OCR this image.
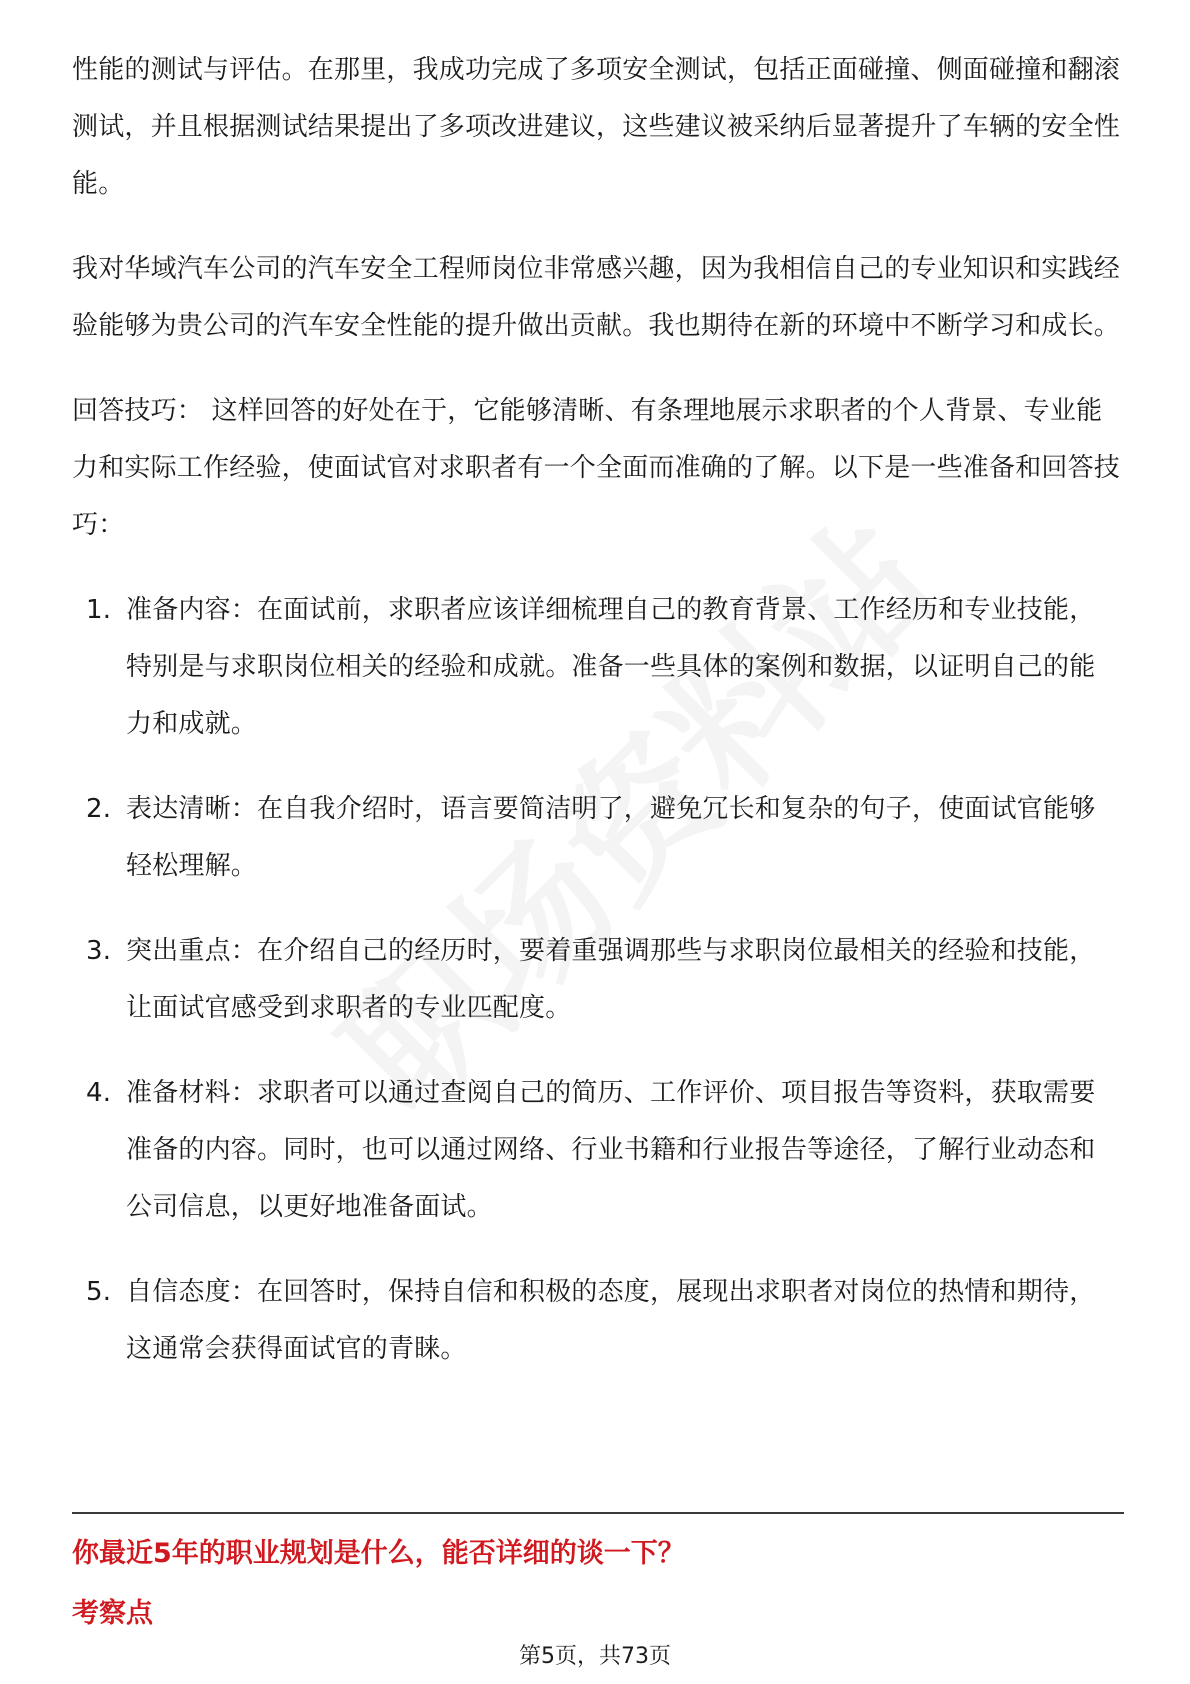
性能的测试与评估。在那里，我成功完成了多项安全测试，包括正面碰撞、侧面碰撞和翻滚测试，并且根据测试结果提出了多项改进建议，这些建议被采纳后显著提升了车辆的安全性能。

我对华域汽车公司的汽车安全工程师岗位非常感兴趣，因为我相信自己的专业知识和实践经验能够为贵公司的汽车安全性能的提升做出贡献。我也期待在新的环境中不断学习和成长。

回答技巧： 这样回答的好处在于，它能够清晰、有条理地展示求职者的个人背景、专业能力和实际工作经验，使面试官对求职者有一个全面而准确的了解。以下是一些准备和回答技巧：

1. 准备内容：在面试前，求职者应该详细梳理自己的教育背景、工作经历和专业技能，特别是与求职岗位相关的经验和成就。准备一些具体的案例和数据，以证明自己的能力和成就。
2. 表达清晰：在自我介绍时，语言要简洁明了，避免冗长和复杂的句子，使面试官能够轻松理解。
3. 突出重点：在介绍自己的经历时，要着重强调那些与求职岗位最相关的经验和技能，让面试官感受到求职者的专业匹配度。
4. 准备材料：求职者可以通过查阅自己的简历、工作评价、项目报告等资料，获取需要准备的内容。同时，也可以通过网络、行业书籍和行业报告等途径，了解行业动态和公司信息，以更好地准备面试。
5. 自信态度：在回答时，保持自信和积极的态度，展现出求职者对岗位的热情和期待，这通常会获得面试官的青睐。
你最近5年的职业规划是什么，能否详细的谈一下？
考察点
第5页，共73页
